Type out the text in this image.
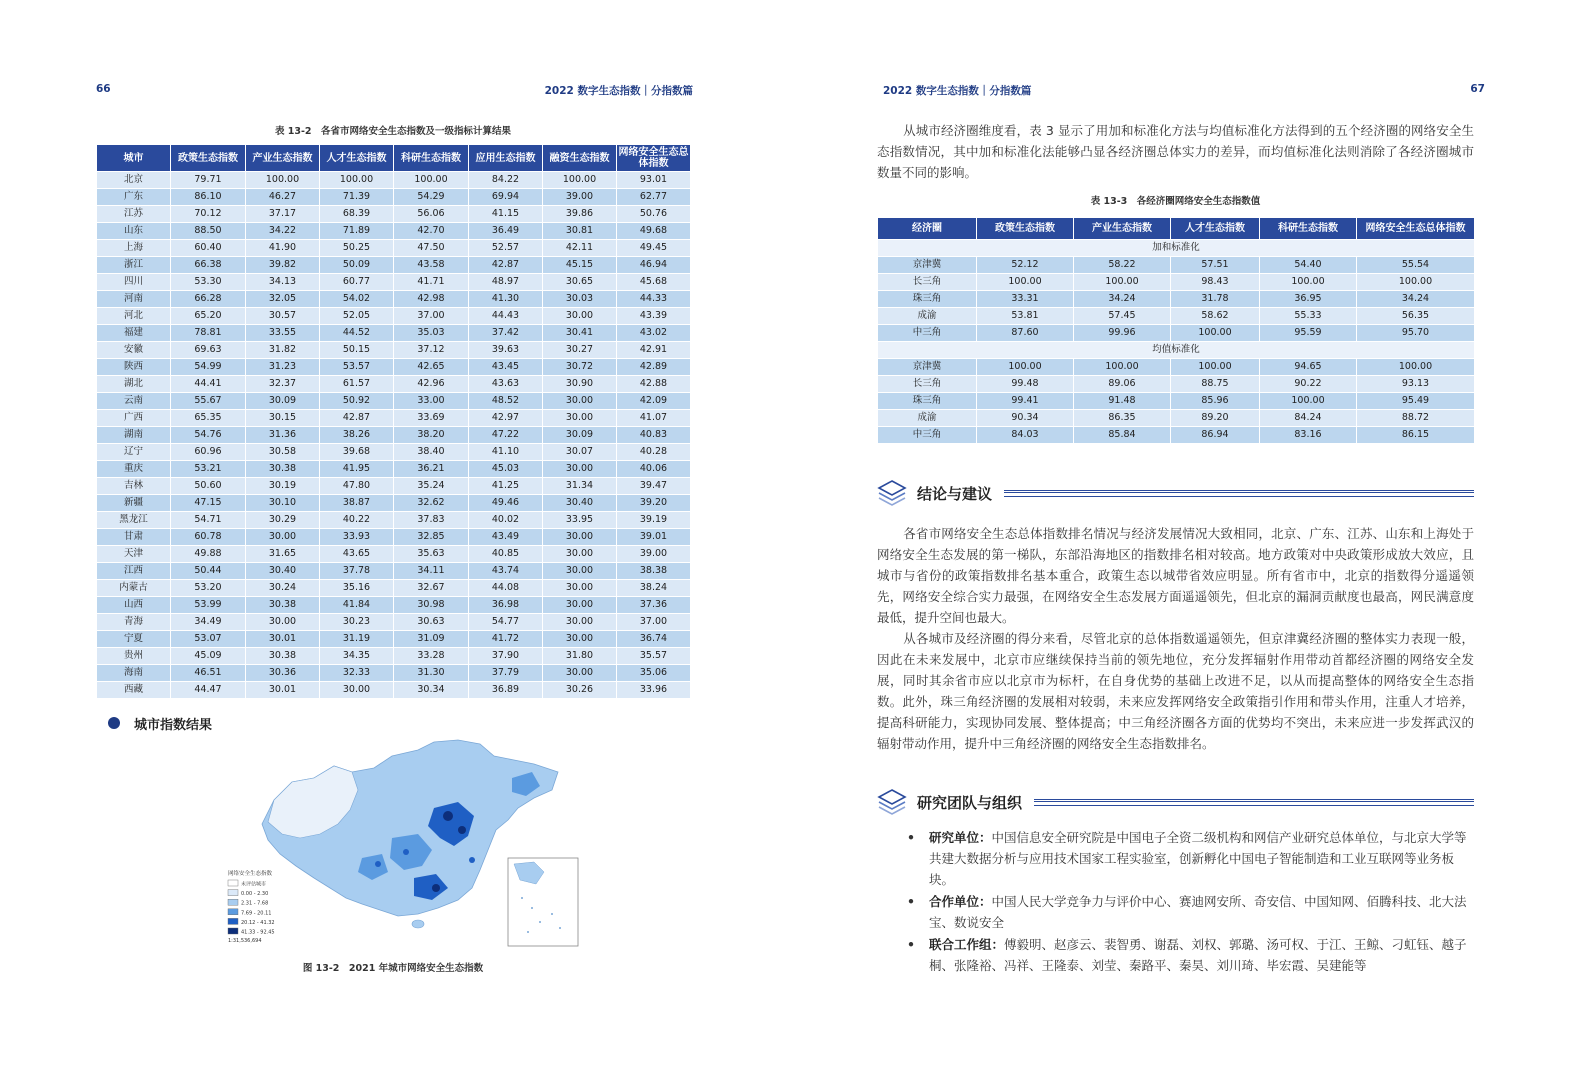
66	2022 数字生态指数｜分指数篇
表 13-2　各省市网络安全生态指数及一级指标计算结果
城市	政策生态指数	产业生态指数	人才生态指数	科研生态指数	应用生态指数	融资生态指数	网络安全生态总体指数
北京	79.71	100.00	100.00	100.00	84.22	100.00	93.01
广东	86.10	46.27	71.39	54.29	69.94	39.00	62.77
江苏	70.12	37.17	68.39	56.06	41.15	39.86	50.76
山东	88.50	34.22	71.89	42.70	36.49	30.81	49.68
上海	60.40	41.90	50.25	47.50	52.57	42.11	49.45
浙江	66.38	39.82	50.09	43.58	42.87	45.15	46.94
四川	53.30	34.13	60.77	41.71	48.97	30.65	45.68
河南	66.28	32.05	54.02	42.98	41.30	30.03	44.33
河北	65.20	30.57	52.05	37.00	44.43	30.00	43.39
福建	78.81	33.55	44.52	35.03	37.42	30.41	43.02
安徽	69.63	31.82	50.15	37.12	39.63	30.27	42.91
陕西	54.99	31.23	53.57	42.65	43.45	30.72	42.89
湖北	44.41	32.37	61.57	42.96	43.63	30.90	42.88
云南	55.67	30.09	50.92	33.00	48.52	30.00	42.09
广西	65.35	30.15	42.87	33.69	42.97	30.00	41.07
湖南	54.76	31.36	38.26	38.20	47.22	30.09	40.83
辽宁	60.96	30.58	39.68	38.40	41.10	30.07	40.28
重庆	53.21	30.38	41.95	36.21	45.03	30.00	40.06
吉林	50.60	30.19	47.80	35.24	41.25	31.34	39.47
新疆	47.15	30.10	38.87	32.62	49.46	30.40	39.20
黑龙江	54.71	30.29	40.22	37.83	40.02	33.95	39.19
甘肃	60.78	30.00	33.93	32.85	43.49	30.00	39.01
天津	49.88	31.65	43.65	35.63	40.85	30.00	39.00
江西	50.44	30.40	37.78	34.11	43.74	30.00	38.38
内蒙古	53.20	30.24	35.16	32.67	44.08	30.00	38.24
山西	53.99	30.38	41.84	30.98	36.98	30.00	37.36
青海	34.49	30.00	30.23	30.63	54.77	30.00	37.00
宁夏	53.07	30.01	31.19	31.09	41.72	30.00	36.74
贵州	45.09	30.38	34.35	33.28	37.90	31.80	35.57
海南	46.51	30.36	32.33	31.30	37.79	30.00	35.06
西藏	44.47	30.01	30.00	30.34	36.89	30.26	33.96
城市指数结果
网络安全生态指数
未评估城市
0.00 - 2.30
2.31 - 7.68
7.69 - 20.11
20.12 - 41.32
41.33 - 92.45
1:31,536,694
图 13-2　2021 年城市网络安全生态指数
2022 数字生态指数｜分指数篇	67
从城市经济圈维度看，表 3 显示了用加和标准化方法与均值标准化方法得到的五个经济圈的网络安全生态指数情况，其中加和标准化法能够凸显各经济圈总体实力的差异，而均值标准化法则消除了各经济圈城市数量不同的影响。
表 13-3　各经济圈网络安全生态指数值
经济圈	政策生态指数	产业生态指数	人才生态指数	科研生态指数	网络安全生态总体指数
加和标准化					
京津冀	52.12	58.22	57.51	54.40	55.54
长三角	100.00	100.00	98.43	100.00	100.00
珠三角	33.31	34.24	31.78	36.95	34.24
成渝	53.81	57.45	58.62	55.33	56.35
中三角	87.60	99.96	100.00	95.59	95.70
均值标准化					
京津冀	100.00	100.00	100.00	94.65	100.00
长三角	99.48	89.06	88.75	90.22	93.13
珠三角	99.41	91.48	85.96	100.00	95.49
成渝	90.34	86.35	89.20	84.24	88.72
中三角	84.03	85.84	86.94	83.16	86.15
结论与建议
各省市网络安全生态总体指数排名情况与经济发展情况大致相同，北京、广东、江苏、山东和上海处于网络安全生态发展的第一梯队，东部沿海地区的指数排名相对较高。地方政策对中央政策形成放大效应，且城市与省份的政策指数排名基本重合，政策生态以城带省效应明显。所有省市中，北京的指数得分遥遥领先，网络安全综合实力最强，在网络安全生态发展方面遥遥领先，但北京的漏洞贡献度也最高，网民满意度最低，提升空间也最大。
从各城市及经济圈的得分来看，尽管北京的总体指数遥遥领先，但京津冀经济圈的整体实力表现一般，因此在未来发展中，北京市应继续保持当前的领先地位，充分发挥辐射作用带动首都经济圈的网络安全发展，同时其余省市应以北京市为标杆，在自身优势的基础上改进不足，以从而提高整体的网络安全生态指数。此外，珠三角经济圈的发展相对较弱，未来应发挥网络安全政策指引作用和带头作用，注重人才培养，提高科研能力，实现协同发展、整体提高；中三角经济圈各方面的优势均不突出，未来应进一步发挥武汉的辐射带动作用，提升中三角经济圈的网络安全生态指数排名。
研究团队与组织
• 研究单位：中国信息安全研究院是中国电子全资二级机构和网信产业研究总体单位，与北京大学等共建大数据分析与应用技术国家工程实验室，创新孵化中国电子智能制造和工业互联网等业务板块。
• 合作单位：中国人民大学竞争力与评价中心、赛迪网安所、奇安信、中国知网、佰腾科技、北大法宝、数说安全
• 联合工作组：傅毅明、赵彦云、裴智勇、谢磊、刘权、郭璐、汤可权、于江、王鲸、刁虹钰、越子桐、张隆裕、冯祥、王隆泰、刘莹、秦路平、秦昊、刘川琦、毕宏霞、吴建能等
